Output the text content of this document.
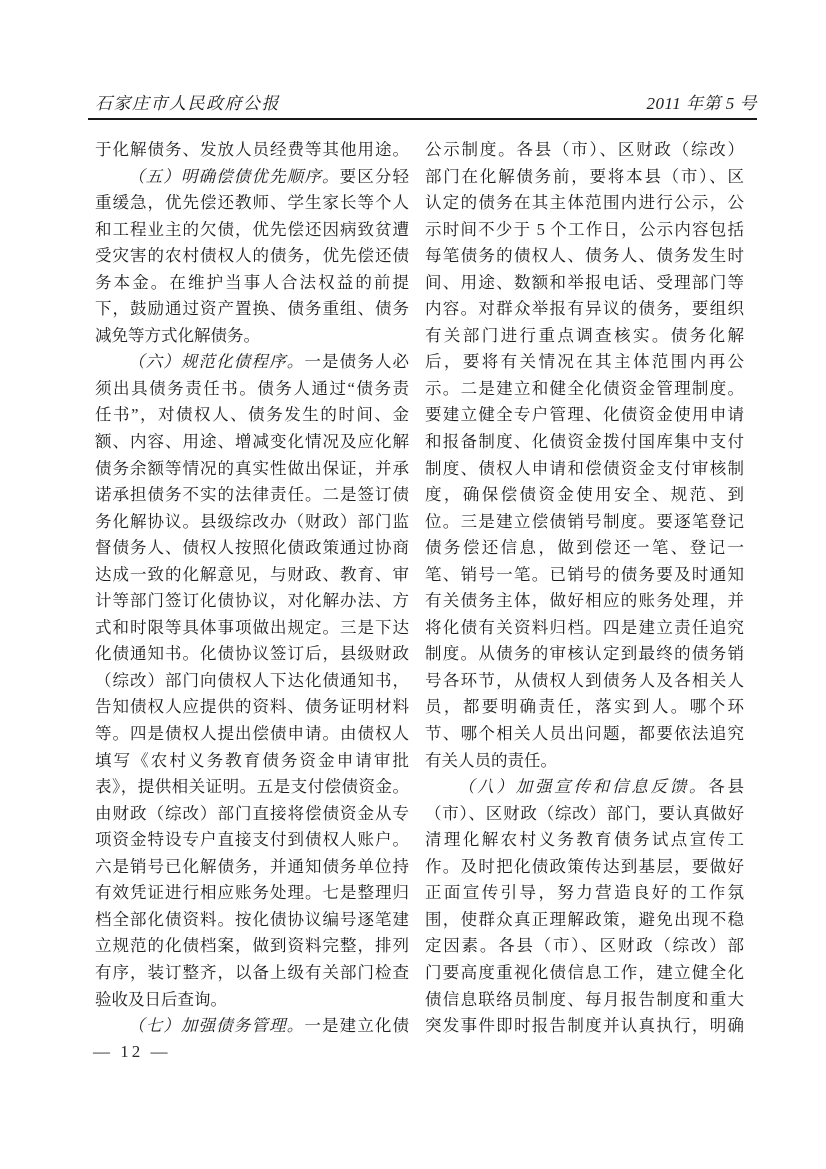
石家庄市人民政府公报	2011 年第 5 号
于化解债务、发放人员经费等其他用途。
（五）明确偿债优先顺序。要区分轻
重缓急，优先偿还教师、学生家长等个人
和工程业主的欠债，优先偿还因病致贫遭
受灾害的农村债权人的债务，优先偿还债
务本金。在维护当事人合法权益的前提
下，鼓励通过资产置换、债务重组、债务
减免等方式化解债务。
（六）规范化债程序。一是债务人必
须出具债务责任书。债务人通过“债务责
任书”，对债权人、债务发生的时间、金
额、内容、用途、增减变化情况及应化解
债务余额等情况的真实性做出保证，并承
诺承担债务不实的法律责任。二是签订债
务化解协议。县级综改办（财政）部门监
督债务人、债权人按照化债政策通过协商
达成一致的化解意见，与财政、教育、审
计等部门签订化债协议，对化解办法、方
式和时限等具体事项做出规定。三是下达
化债通知书。化债协议签订后，县级财政
（综改）部门向债权人下达化债通知书，
告知债权人应提供的资料、债务证明材料
等。四是债权人提出偿债申请。由债权人
填写《农村义务教育债务资金申请审批
表》，提供相关证明。五是支付偿债资金。
由财政（综改）部门直接将偿债资金从专
项资金特设专户直接支付到债权人账户。
六是销号已化解债务，并通知债务单位持
有效凭证进行相应账务处理。七是整理归
档全部化债资料。按化债协议编号逐笔建
立规范的化债档案，做到资料完整，排列
有序，装订整齐，以备上级有关部门检查
验收及日后查询。
（七）加强债务管理。一是建立化债
公示制度。各县（市）、区财政（综改）
部门在化解债务前，要将本县（市）、区
认定的债务在其主体范围内进行公示，公
示时间不少于 5 个工作日，公示内容包括
每笔债务的债权人、债务人、债务发生时
间、用途、数额和举报电话、受理部门等
内容。对群众举报有异议的债务，要组织
有关部门进行重点调查核实。债务化解
后，要将有关情况在其主体范围内再公
示。二是建立和健全化债资金管理制度。
要建立健全专户管理、化债资金使用申请
和报备制度、化债资金拨付国库集中支付
制度、债权人申请和偿债资金支付审核制
度，确保偿债资金使用安全、规范、到
位。三是建立偿债销号制度。要逐笔登记
债务偿还信息，做到偿还一笔、登记一
笔、销号一笔。已销号的债务要及时通知
有关债务主体，做好相应的账务处理，并
将化债有关资料归档。四是建立责任追究
制度。从债务的审核认定到最终的债务销
号各环节，从债权人到债务人及各相关人
员，都要明确责任，落实到人。哪个环
节、哪个相关人员出问题，都要依法追究
有关人员的责任。
（八）加强宣传和信息反馈。各县
（市）、区财政（综改）部门，要认真做好
清理化解农村义务教育债务试点宣传工
作。及时把化债政策传达到基层，要做好
正面宣传引导，努力营造良好的工作氛
围，使群众真正理解政策，避免出现不稳
定因素。各县（市）、区财政（综改）部
门要高度重视化债信息工作，建立健全化
债信息联络员制度、每月报告制度和重大
突发事件即时报告制度并认真执行，明确
— 12 —
